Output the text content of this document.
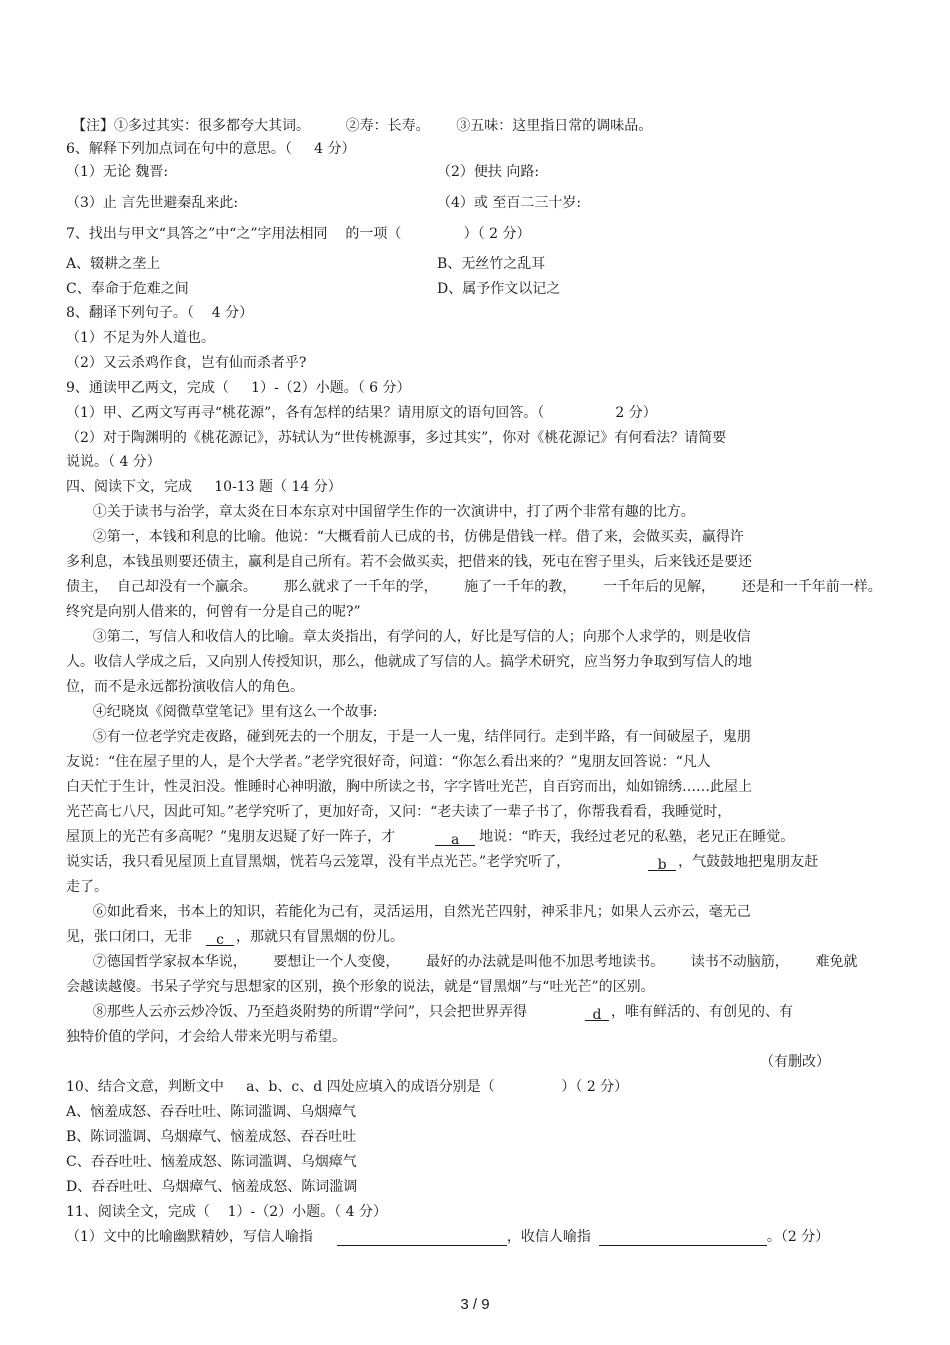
【注】①多过其实：很多都夸大其词。        ②寿：长寿。      ③五味：这里指日常的调味品。
6、解释下列加点词在句中的意思。（     4 分）
（1）无论 魏晋:	（2）便扶 向路:
（3）止 言先世避秦乱来此:	（4）或 至百二三十岁:
7、找出与甲文“具答之”中“之”字用法相同    的一项（              ）（ 2 分）
A、辍耕之垄上	B、无丝竹之乱耳
C、奉命于危难之间	D、属予作文以记之
8、翻译下列句子。（    4 分）
（1）不足为外人道也。
（2）又云杀鸡作食，岂有仙而杀者乎?
9、通读甲乙两文，完成（     1）-（2）小题。（ 6 分）
（1）甲、乙两文写再寻“桃花源”，各有怎样的结果？请用原文的语句回答。（                2 分）
（2）对于陶渊明的《桃花源记》，苏轼认为“世传桃源事，多过其实”，你对《桃花源记》有何看法？请简要
说说。（ 4 分）
四、阅读下文，完成     10-13 题（ 14 分）
①关于读书与治学，章太炎在日本东京对中国留学生作的一次演讲中，打了两个非常有趣的比方。
②第一，本钱和利息的比喻。他说：“大概看前人已成的书，仿佛是借钱一样。借了来，会做买卖，赢得许
多利息，本钱虽则要还债主，赢利是自己所有。若不会做买卖，把借来的钱，死屯在窖子里头，后来钱还是要还
债主，  自己却没有一个赢余。      那么就求了一千年的学，      施了一千年的教，      一千年后的见解，      还是和一千年前一样。
终究是向别人借来的，何曾有一分是自己的呢?”
③第二，写信人和收信人的比喻。章太炎指出，有学问的人，好比是写信的人；向那个人求学的，则是收信
人。收信人学成之后，又向别人传授知识，那么，他就成了写信的人。搞学术研究，应当努力争取到写信人的地
位，而不是永远都扮演收信人的角色。
④纪晓岚《阅微草堂笔记》里有这么一个故事:
⑤有一位老学究走夜路，碰到死去的一个朋友，于是一人一鬼，结伴同行。走到半路，有一间破屋子，鬼朋
友说：“住在屋子里的人，是个大学者。”老学究很好奇，问道：“你怎么看出来的？”鬼朋友回答说：“凡人
白天忙于生计，性灵汩没。惟睡时心神明澈，胸中所读之书，字字皆吐光芒，自百窍而出，灿如锦绣……此屋上
光芒高七八尺，因此可知。”老学究听了，更加好奇，又问：“老夫读了一辈子书了，你帮我看看，我睡觉时，
屋顶上的光芒有多高呢？”鬼朋友迟疑了好一阵子，才	a 地说：“昨天，我经过老兄的私塾，老兄正在睡觉。
说实话，我只看见屋顶上直冒黑烟，恍若乌云笼罩，没有半点光芒。”老学究听了，	b ，气鼓鼓地把鬼朋友赶
走了。
⑥如此看来，书本上的知识，若能化为己有，灵活运用，自然光芒四射，神采非凡；如果人云亦云，毫无己
见，张口闭口，无非 c ，那就只有冒黑烟的份儿。
⑦德国哲学家叔本华说，      要想让一个人变傻，      最好的办法就是叫他不加思考地读书。      读书不动脑筋，      难免就
会越读越傻。书呆子学究与思想家的区别，换个形象的说法，就是“冒黑烟”与“吐光芒”的区别。
⑧那些人云亦云炒冷饭、乃至趋炎附势的所谓“学问”，只会把世界弄得	d ，唯有鲜活的、有创见的、有
独特价值的学问，才会给人带来光明与希望。
（有删改）
10、结合文意，判断文中     a、b、c、d 四处应填入的成语分别是（               ）（ 2 分）
A、恼羞成怒、吞吞吐吐、陈词滥调、乌烟瘴气
B、陈词滥调、乌烟瘴气、恼羞成怒、吞吞吐吐
C、吞吞吐吐、恼羞成怒、陈词滥调、乌烟瘴气
D、吞吞吐吐、乌烟瘴气、恼羞成怒、陈词滥调
11、阅读全文，完成（    1）-（2）小题。（ 4 分）
（1）文中的比喻幽默精妙，写信人喻指	，收信人喻指	。（2 分）
3 / 9
